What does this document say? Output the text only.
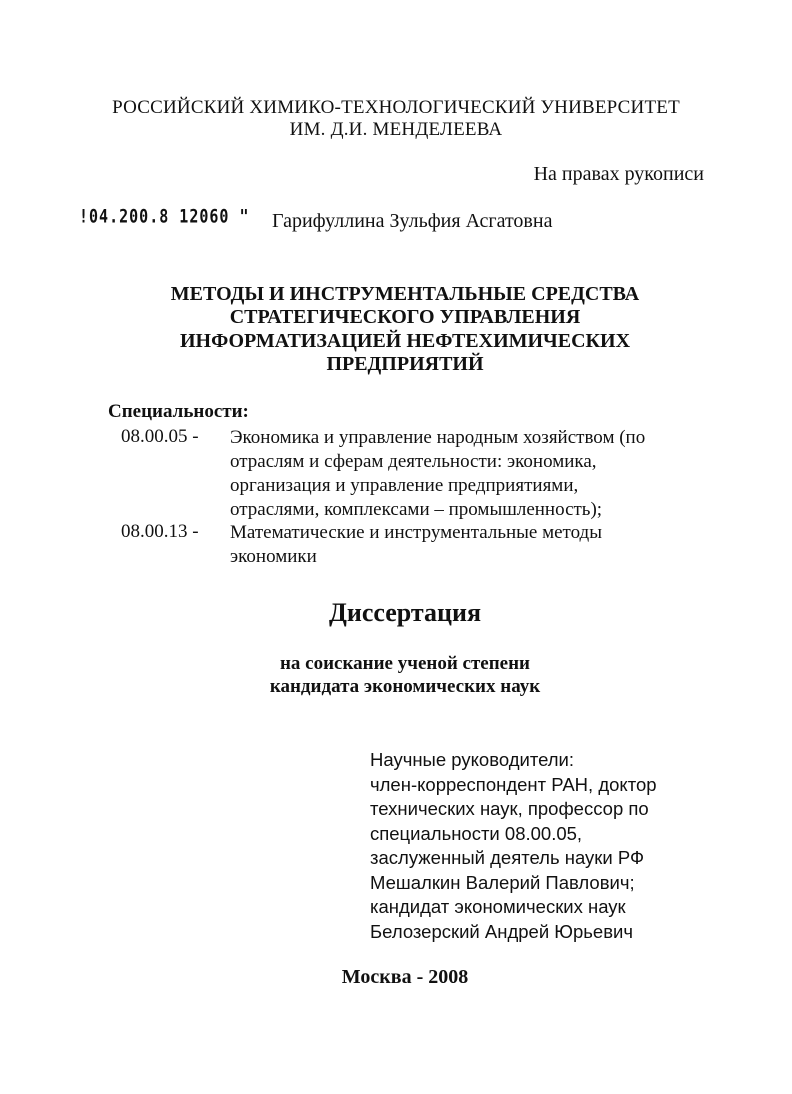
РОССИЙСКИЙ ХИМИКО-ТЕХНОЛОГИЧЕСКИЙ УНИВЕРСИТЕТ
ИМ. Д.И. МЕНДЕЛЕЕВА
На правах рукописи
!04.200.8 12060 " Гарифуллина Зульфия Асгатовна
МЕТОДЫ И ИНСТРУМЕНТАЛЬНЫЕ СРЕДСТВА
СТРАТЕГИЧЕСКОГО УПРАВЛЕНИЯ
ИНФОРМАТИЗАЦИЕЙ НЕФТЕХИМИЧЕСКИХ
ПРЕДПРИЯТИЙ
Специальности:
08.00.05 - Экономика и управление народным хозяйством (по
отраслям и сферам деятельности: экономика,
организация и управление предприятиями,
отраслями, комплексами – промышленность);
08.00.13 - Математические и инструментальные методы
экономики
Диссертация
на соискание ученой степени
кандидата экономических наук
Научные руководители:
член-корреспондент РАН, доктор
технических наук, профессор по
специальности 08.00.05,
заслуженный деятель науки РФ
Мешалкин Валерий Павлович;
кандидат экономических наук
Белозерский Андрей Юрьевич
Москва - 2008
